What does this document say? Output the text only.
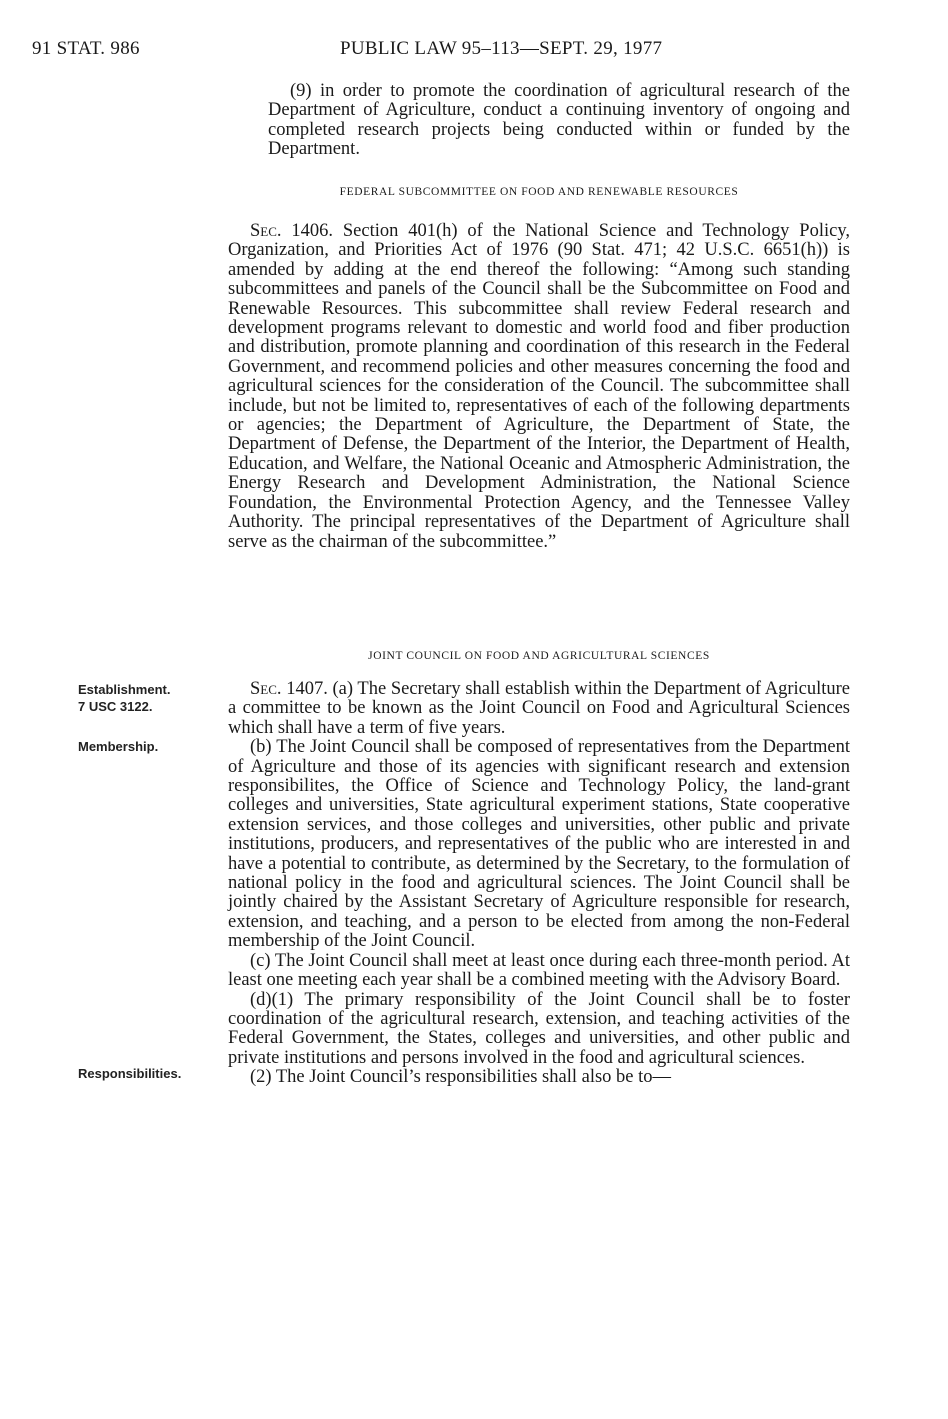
91 STAT. 986	PUBLIC LAW 95–113—SEPT. 29, 1977

(9) in order to promote the coordination of agricultural research of the Department of Agriculture, conduct a continuing inventory of ongoing and completed research projects being conducted within or funded by the Department.

FEDERAL SUBCOMMITTEE ON FOOD AND RENEWABLE RESOURCES

Sec. 1406. Section 401(h) of the National Science and Technology Policy, Organization, and Priorities Act of 1976 (90 Stat. 471; 42 U.S.C. 6651(h)) is amended by adding at the end thereof the following: “Among such standing subcommittees and panels of the Council shall be the Subcommittee on Food and Renewable Resources. This subcommittee shall review Federal research and development programs relevant to domestic and world food and fiber production and distribution, promote planning and coordination of this research in the Federal Government, and recommend policies and other measures concerning the food and agricultural sciences for the consideration of the Council. The subcommittee shall include, but not be limited to, representatives of each of the following departments or agencies; the Department of Agriculture, the Department of State, the Department of Defense, the Department of the Interior, the Department of Health, Education, and Welfare, the National Oceanic and Atmospheric Administration, the Energy Research and Development Administration, the National Science Foundation, the Environmental Protection Agency, and the Tennessee Valley Authority. The principal representatives of the Department of Agriculture shall serve as the chairman of the subcommittee.”

JOINT COUNCIL ON FOOD AND AGRICULTURAL SCIENCES

Sec. 1407. (a) The Secretary shall establish within the Department of Agriculture a committee to be known as the Joint Council on Food and Agricultural Sciences which shall have a term of five years.

(b) The Joint Council shall be composed of representatives from the Department of Agriculture and those of its agencies with significant research and extension responsibilites, the Office of Science and Technology Policy, the land-grant colleges and universities, State agricultural experiment stations, State cooperative extension services, and those colleges and universities, other public and private institutions, producers, and representatives of the public who are interested in and have a potential to contribute, as determined by the Secretary, to the formulation of national policy in the food and agricultural sciences. The Joint Council shall be jointly chaired by the Assistant Secretary of Agriculture responsible for research, extension, and teaching, and a person to be elected from among the non-Federal membership of the Joint Council.

(c) The Joint Council shall meet at least once during each three-month period. At least one meeting each year shall be a combined meeting with the Advisory Board.

(d)(1) The primary responsibility of the Joint Council shall be to foster coordination of the agricultural research, extension, and teaching activities of the Federal Government, the States, colleges and universities, and other public and private institutions and persons involved in the food and agricultural sciences.

(2) The Joint Council’s responsibilities shall also be to—

Establishment.
7 USC 3122.
Membership.
Responsibilities.
